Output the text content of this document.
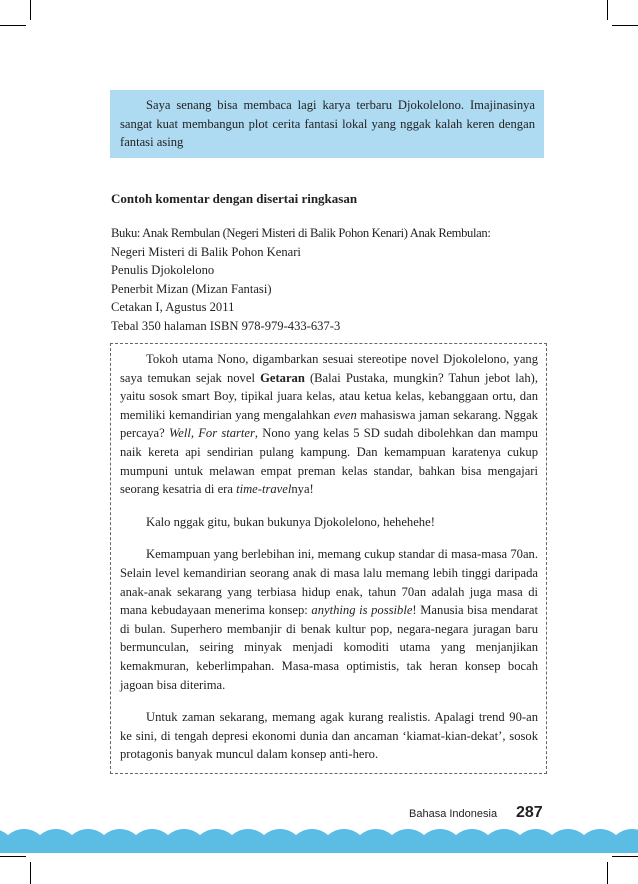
Saya senang bisa membaca lagi karya terbaru Djokolelono. Imajinasinya sangat kuat membangun plot cerita fantasi lokal yang nggak kalah keren dengan fantasi asing
Contoh komentar dengan disertai ringkasan
Buku: Anak Rembulan (Negeri Misteri di Balik Pohon Kenari) Anak Rembulan:
Negeri Misteri di Balik Pohon Kenari
Penulis Djokolelono
Penerbit Mizan (Mizan Fantasi)
Cetakan I, Agustus 2011
Tebal 350 halaman ISBN 978-979-433-637-3

Tokoh utama Nono, digambarkan sesuai stereotipe novel Djokolelono, yang saya temukan sejak novel Getaran (Balai Pustaka, mungkin? Tahun jebot lah), yaitu sosok smart Boy, tipikal juara kelas, atau ketua kelas, kebanggaan ortu, dan memiliki kemandirian yang mengalahkan even mahasiswa jaman sekarang. Nggak percaya? Well, For starter, Nono yang kelas 5 SD sudah dibolehkan dan mampu naik kereta api sendirian pulang kampung. Dan kemampuan karatenya cukup mumpuni untuk melawan empat preman kelas standar, bahkan bisa mengajari seorang kesatria di era time-travelnya!

Kalo nggak gitu, bukan bukunya Djokolelono, hehehehe!

Kemampuan yang berlebihan ini, memang cukup standar di masa-masa 70an. Selain level kemandirian seorang anak di masa lalu memang lebih tinggi daripada anak-anak sekarang yang terbiasa hidup enak, tahun 70an adalah juga masa di mana kebudayaan menerima konsep: anything is possible! Manusia bisa mendarat di bulan. Superhero membanjir di benak kultur pop, negara-negara juragan baru bermunculan, seiring minyak menjadi komoditi utama yang menjanjikan kemakmuran, keberlimpahan. Masa-masa optimistis, tak heran konsep bocah jagoan bisa diterima.

Untuk zaman sekarang, memang agak kurang realistis. Apalagi trend 90-an ke sini, di tengah depresi ekonomi dunia dan ancaman ‘kiamat-kian-dekat’, sosok protagonis banyak muncul dalam konsep anti-hero.

Bahasa Indonesia 287
